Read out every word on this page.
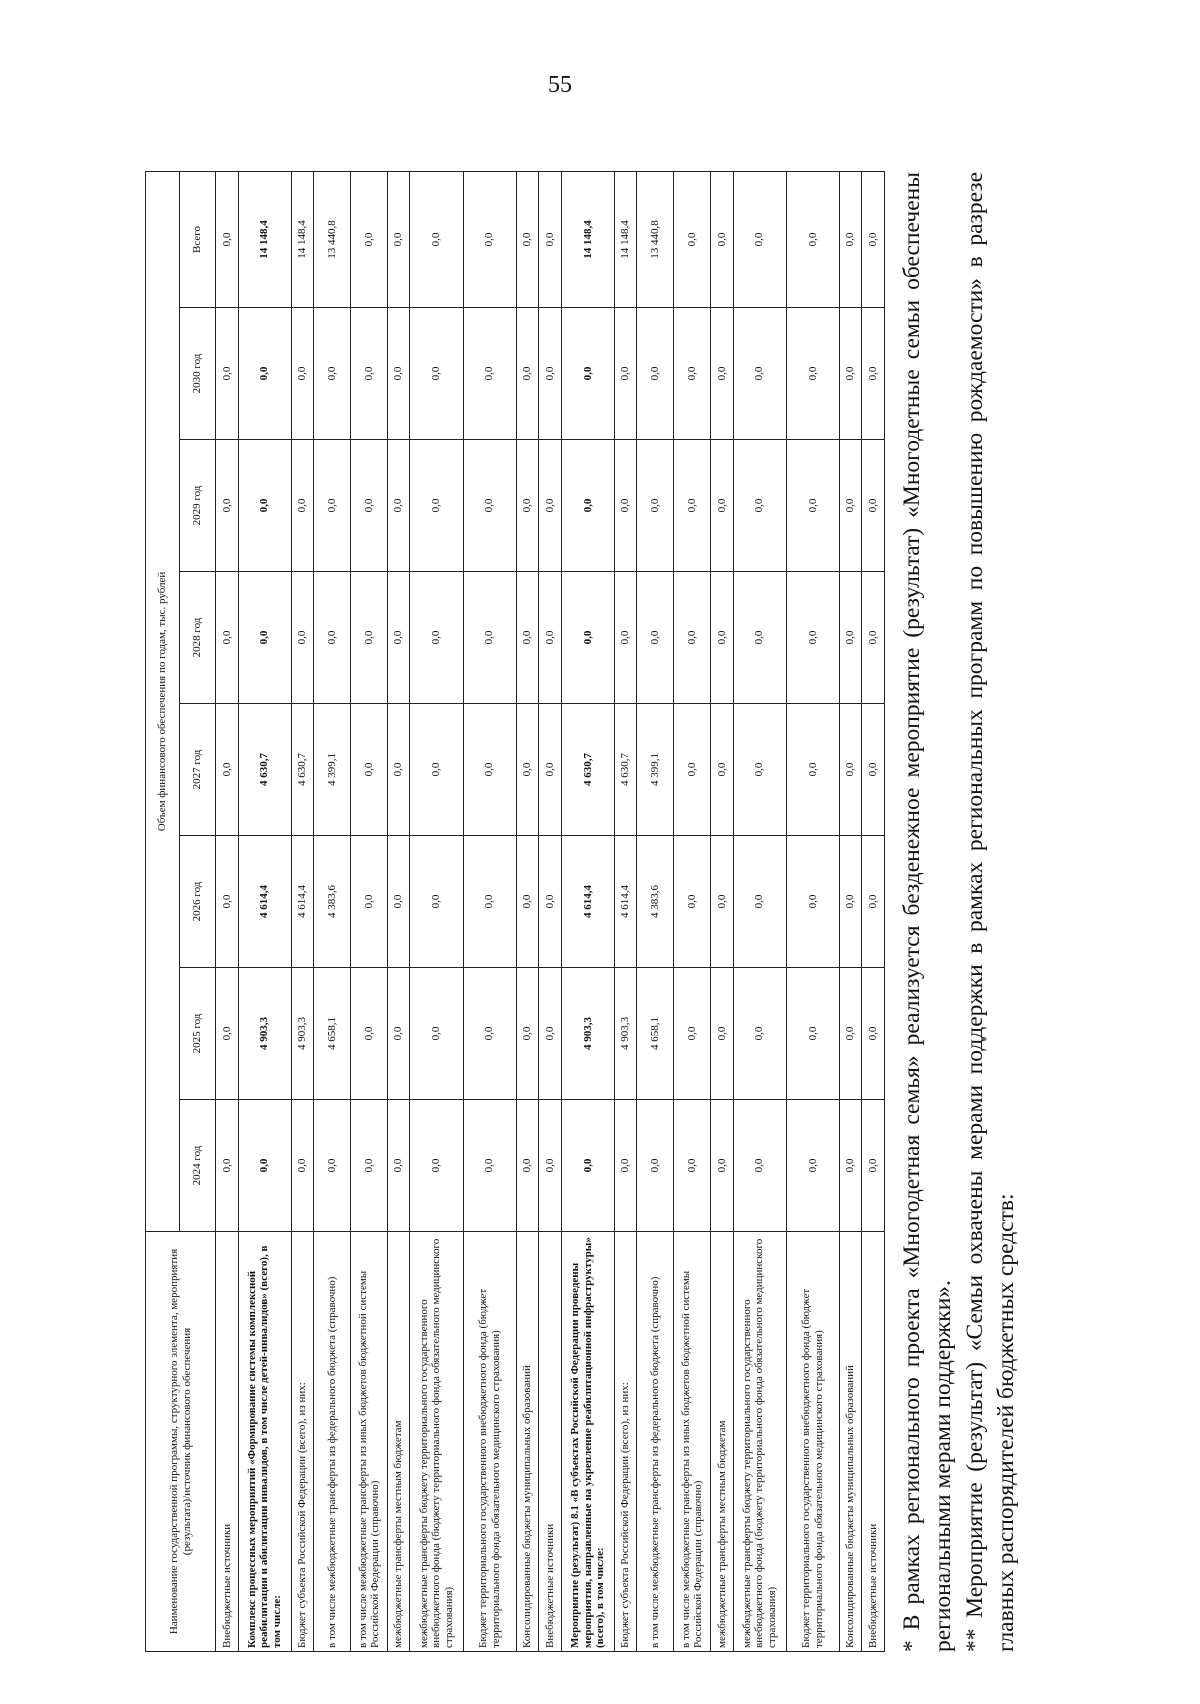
55
Наименование государственной программы, структурного элемента, мероприятия (результата)/источник финансового обеспечения	Объем финансового обеспечения по годам, тыс. рублей							
	2024 год	2025 год	2026 год	2027 год	2028 год	2029 год	2030 год	Всего
Внебюджетные источники	0,0	0,0	0,0	0,0	0,0	0,0	0,0	0,0
Комплекс процессных мероприятий «Формирование системы комплексной реабилитации и абилитации инвалидов, в том числе детей-инвалидов» (всего), в том числе:	0,0	4 903,3	4 614,4	4 630,7	0,0	0,0	0,0	14 148,4
Бюджет субъекта Российской Федерации (всего), из них:	0,0	4 903,3	4 614,4	4 630,7	0,0	0,0	0,0	14 148,4
в том числе межбюджетные трансферты из федерального бюджета (справочно)	0,0	4 658,1	4 383,6	4 399,1	0,0	0,0	0,0	13 440,8
в том числе межбюджетные трансферты из иных бюджетов бюджетной системы Российской Федерации (справочно)	0,0	0,0	0,0	0,0	0,0	0,0	0,0	0,0
межбюджетные трансферты местным бюджетам	0,0	0,0	0,0	0,0	0,0	0,0	0,0	0,0
межбюджетные трансферты бюджету территориального государственного внебюджетного фонда (бюджету территориального фонда обязательного медицинского страхования)	0,0	0,0	0,0	0,0	0,0	0,0	0,0	0,0
Бюджет территориального государственного внебюджетного фонда (бюджет территориального фонда обязательного медицинского страхования)	0,0	0,0	0,0	0,0	0,0	0,0	0,0	0,0
Консолидированные бюджеты муниципальных образований	0,0	0,0	0,0	0,0	0,0	0,0	0,0	0,0
Внебюджетные источники	0,0	0,0	0,0	0,0	0,0	0,0	0,0	0,0
Мероприятие (результат) 8.1 «В субъектах Российской Федерации проведены мероприятия, направленные на укрепление реабилитационной инфраструктуры» (всего), в том числе:	0,0	4 903,3	4 614,4	4 630,7	0,0	0,0	0,0	14 148,4
Бюджет субъекта Российской Федерации (всего), из них:	0,0	4 903,3	4 614,4	4 630,7	0,0	0,0	0,0	14 148,4
в том числе межбюджетные трансферты из федерального бюджета (справочно)	0,0	4 658,1	4 383,6	4 399,1	0,0	0,0	0,0	13 440,8
в том числе межбюджетные трансферты из иных бюджетов бюджетной системы Российской Федерации (справочно)	0,0	0,0	0,0	0,0	0,0	0,0	0,0	0,0
межбюджетные трансферты местным бюджетам	0,0	0,0	0,0	0,0	0,0	0,0	0,0	0,0
межбюджетные трансферты бюджету территориального государственного внебюджетного фонда (бюджету территориального фонда обязательного медицинского страхования)	0,0	0,0	0,0	0,0	0,0	0,0	0,0	0,0
Бюджет территориального государственного внебюджетного фонда (бюджет территориального фонда обязательного медицинского страхования)	0,0	0,0	0,0	0,0	0,0	0,0	0,0	0,0
Консолидированные бюджеты муниципальных образований	0,0	0,0	0,0	0,0	0,0	0,0	0,0	0,0
Внебюджетные источники	0,0	0,0	0,0	0,0	0,0	0,0	0,0	0,0 * В рамках регионального проекта «Многодетная семья» реализуется безденежное мероприятие (результат) «Многодетные семьи обеспечены региональными мерами поддержки». ** Мероприятие (результат) «Семьи охвачены мерами поддержки в рамках региональных программ по повышению рождаемости» в разрезе главных распорядителей бюджетных средств:
